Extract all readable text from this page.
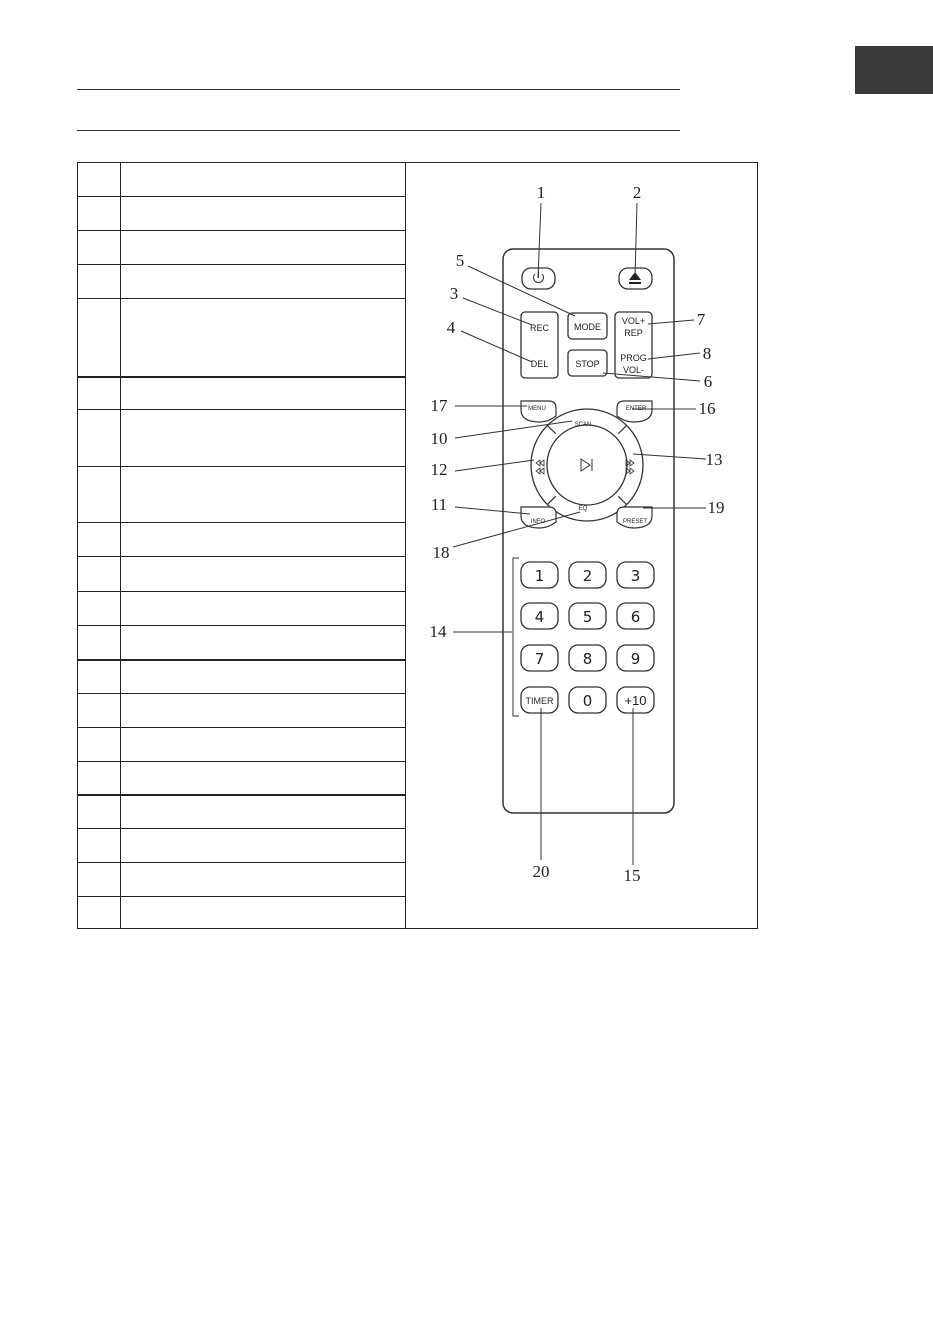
REC
DEL
MODE
STOP
VOL+
REP
PROG
VOL-
MENU	ENTER
SCAN
EQ
INFO	PRESET
1	2	3
4	5	6
7	8	9
TIMER 0 +10
1	2
3
4
5
6
7
8
10
11
12
13
14
15
16
17
18
19
20
